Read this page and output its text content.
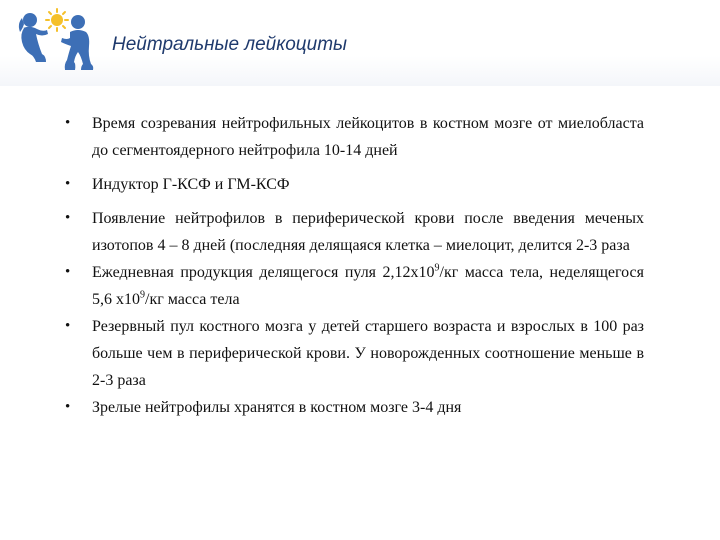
Нейтральные лейкоциты
• Время созревания нейтрофильных лейкоцитов в костном мозге от миелобласта до сегментоядерного нейтрофила 10-14 дней
• Индуктор Г-КСФ и ГМ-КСФ
• Появление нейтрофилов в периферической крови после введения меченых изотопов 4 – 8 дней (последняя делящаяся клетка – миелоцит, делится 2-3 раза
• Ежедневная продукция делящегося пуля $2,12х10^9/кг$ масса тела, неделящегося 5,6 $х10^9/кг$ масса тела
• Резервный пул костного мозга у детей старшего возраста и взрослых в 100 раз больше чем в периферической крови. У новорожденных соотношение меньше в 2-3 раза
• Зрелые нейтрофилы хранятся в костном мозге 3-4 дня
